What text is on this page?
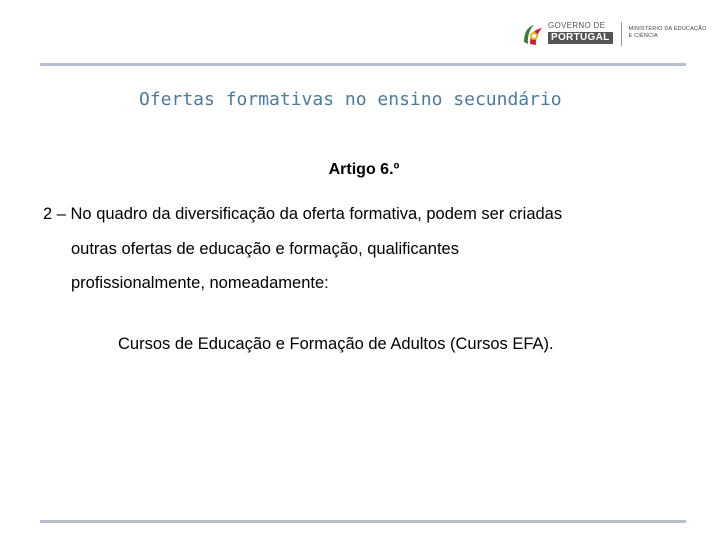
GOVERNO DE
PORTUGAL
MINISTÉRIO DA EDUCAÇÃO
E CIÊNCIA
Ofertas formativas no ensino secundário
Artigo 6.º
2 – No quadro da diversificação da oferta formativa, podem ser criadas
outras ofertas de educação e formação, qualificantes
profissionalmente, nomeadamente:
Cursos de Educação e Formação de Adultos (Cursos EFA).
